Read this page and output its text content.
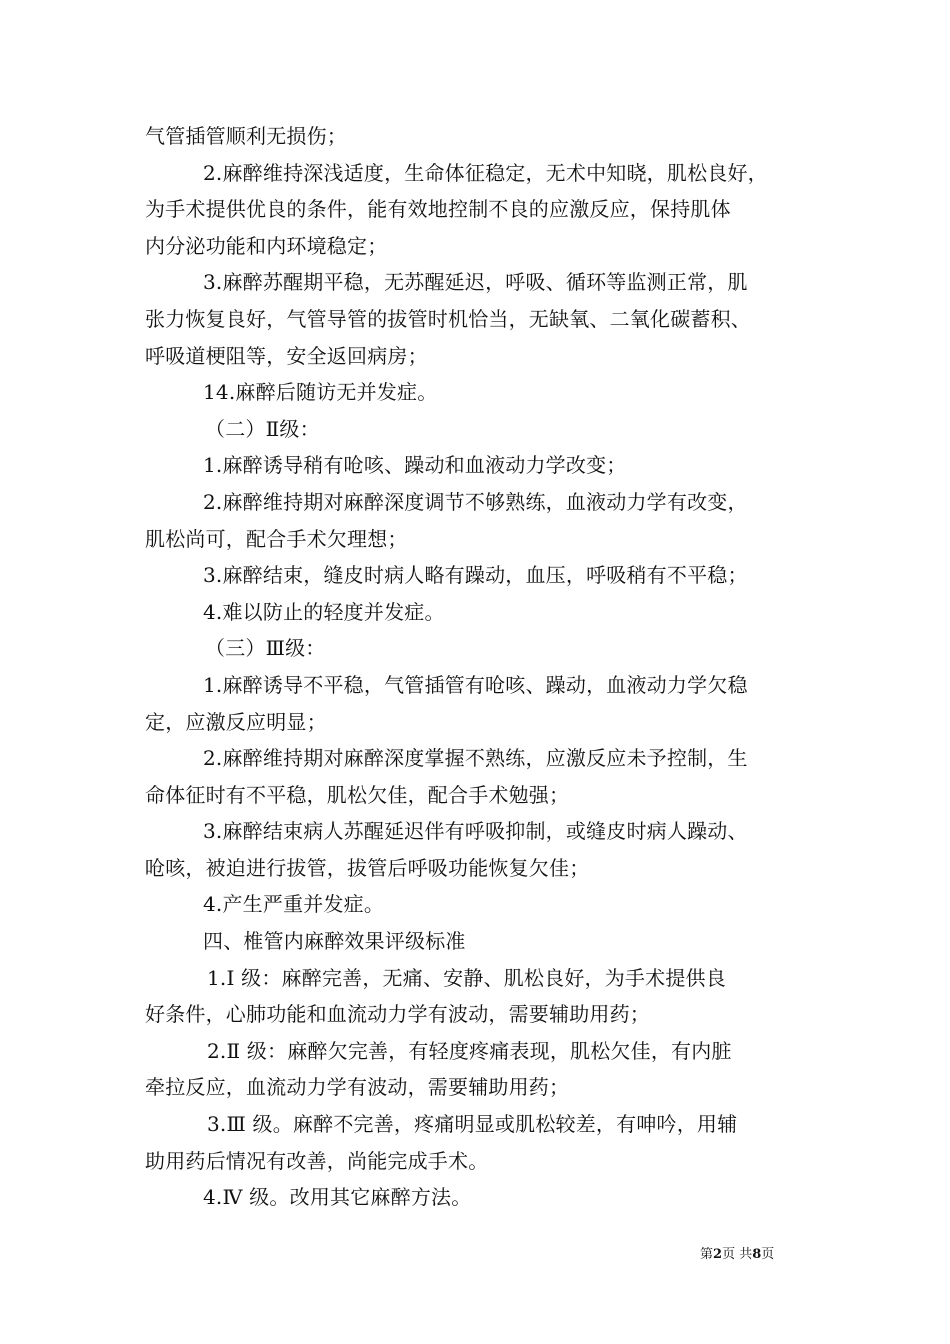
气管插管顺利无损伤；
2.麻醉维持深浅适度，生命体征稳定，无术中知晓，肌松良好，
为手术提供优良的条件，能有效地控制不良的应激反应，保持肌体
内分泌功能和内环境稳定；
3.麻醉苏醒期平稳，无苏醒延迟，呼吸、循环等监测正常，肌
张力恢复良好，气管导管的拔管时机恰当，无缺氧、二氧化碳蓄积、
呼吸道梗阻等，安全返回病房；
14.麻醉后随访无并发症。
（二）Ⅱ级：
1.麻醉诱导稍有呛咳、躁动和血液动力学改变；
2.麻醉维持期对麻醉深度调节不够熟练，血液动力学有改变，
肌松尚可，配合手术欠理想；
3.麻醉结束，缝皮时病人略有躁动，血压，呼吸稍有不平稳；
4.难以防止的轻度并发症。
（三）Ⅲ级：
1.麻醉诱导不平稳，气管插管有呛咳、躁动，血液动力学欠稳
定，应激反应明显；
2.麻醉维持期对麻醉深度掌握不熟练，应激反应未予控制，生
命体征时有不平稳，肌松欠佳，配合手术勉强；
3.麻醉结束病人苏醒延迟伴有呼吸抑制，或缝皮时病人躁动、
呛咳，被迫进行拔管，拔管后呼吸功能恢复欠佳；
4.产生严重并发症。
四、椎管内麻醉效果评级标准
1.Ⅰ 级：麻醉完善，无痛、安静、肌松良好，为手术提供良
好条件，心肺功能和血流动力学有波动，需要辅助用药；
2.Ⅱ 级：麻醉欠完善，有轻度疼痛表现，肌松欠佳，有内脏
牵拉反应，血流动力学有波动，需要辅助用药；
3.Ⅲ 级。麻醉不完善，疼痛明显或肌松较差，有呻吟，用辅
助用药后情况有改善，尚能完成手术。
4.Ⅳ 级。改用其它麻醉方法。
第2页 共8页
